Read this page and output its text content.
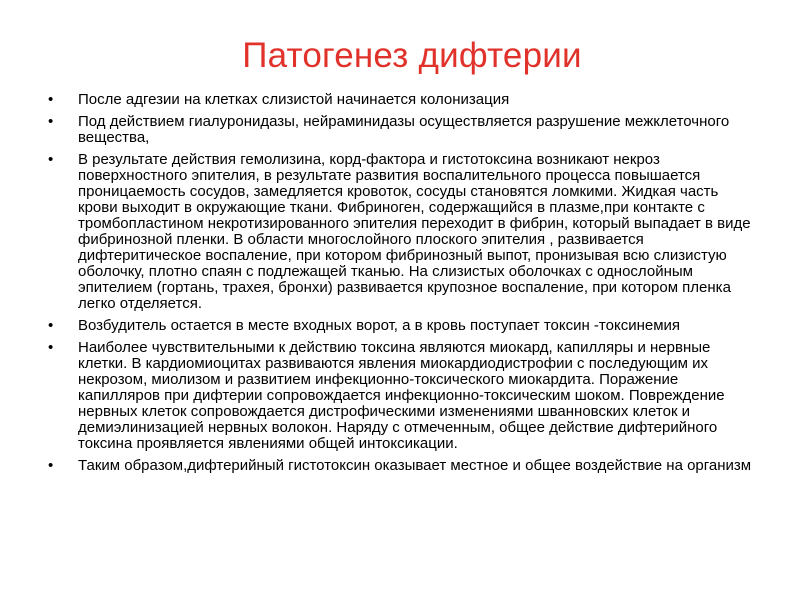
Патогенез дифтерии
• После адгезии на клетках слизистой начинается колонизация
• Под действием гиалуронидазы, нейраминидазы осуществляется разрушение межклеточного вещества,
• В результате действия гемолизина, корд-фактора и гистотоксина возникают некроз поверхностного эпителия, в результате развития воспалительного процесса повышается проницаемость сосудов, замедляется кровоток, сосуды становятся ломкими. Жидкая часть крови выходит в окружающие ткани. Фибриноген, содержащийся в плазме,при контакте с тромбопластином некротизированного эпителия переходит в фибрин, который выпадает в виде фибринозной пленки. В области многослойного плоского эпителия , развивается дифтеритическое воспаление, при котором фибринозный выпот, пронизывая всю слизистую оболочку, плотно спаян с подлежащей тканью. На слизистых оболочках с однослойным эпителием (гортань, трахея, бронхи) развивается крупозное воспаление, при котором пленка легко отделяется.
• Возбудитель остается в месте входных ворот, а в кровь поступает токсин -токсинемия
• Наиболее чувствительными к действию токсина являются миокард, капилляры и нервные клетки. В кардиомиоцитах развиваются явления миокардиодистрофии с последующим их некрозом, миолизом и развитием инфекционно-токсического миокардита. Поражение капилляров при дифтерии сопровождается инфекционно-токсическим шоком. Повреждение нервных клеток сопровождается дистрофическими изменениями шванновских клеток и демиэлинизацией нервных волокон. Наряду с отмеченным, общее действие дифтерийного токсина проявляется явлениями общей интоксикации.
• Таким образом,дифтерийный гистотоксин оказывает местное и общее воздействие на организм
